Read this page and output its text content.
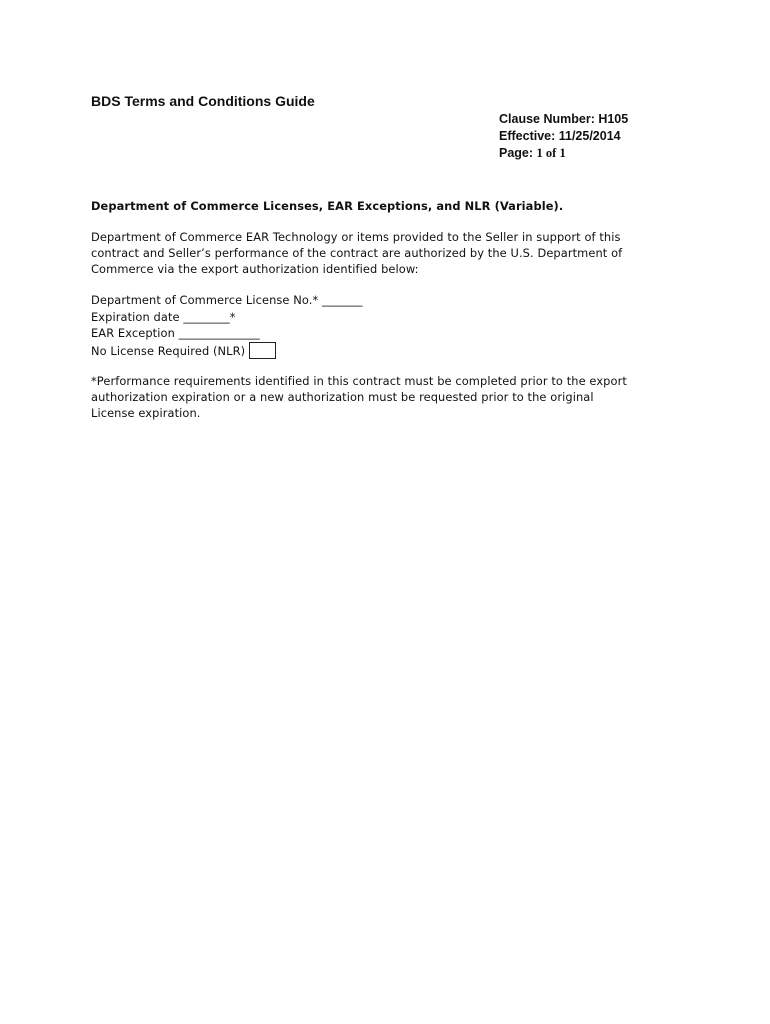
BDS Terms and Conditions Guide
Clause Number: H105
Effective: 11/25/2014
Page: 1 of 1
Department of Commerce Licenses, EAR Exceptions, and NLR (Variable).
Department of Commerce EAR Technology or items provided to the Seller in support of this
contract and Seller’s performance of the contract are authorized by the U.S. Department of
Commerce via the export authorization identified below:
Department of Commerce License No.* _______
Expiration date ________*
EAR Exception ______________
No License Required (NLR)
*Performance requirements identified in this contract must be completed prior to the export
authorization expiration or a new authorization must be requested prior to the original
License expiration.
